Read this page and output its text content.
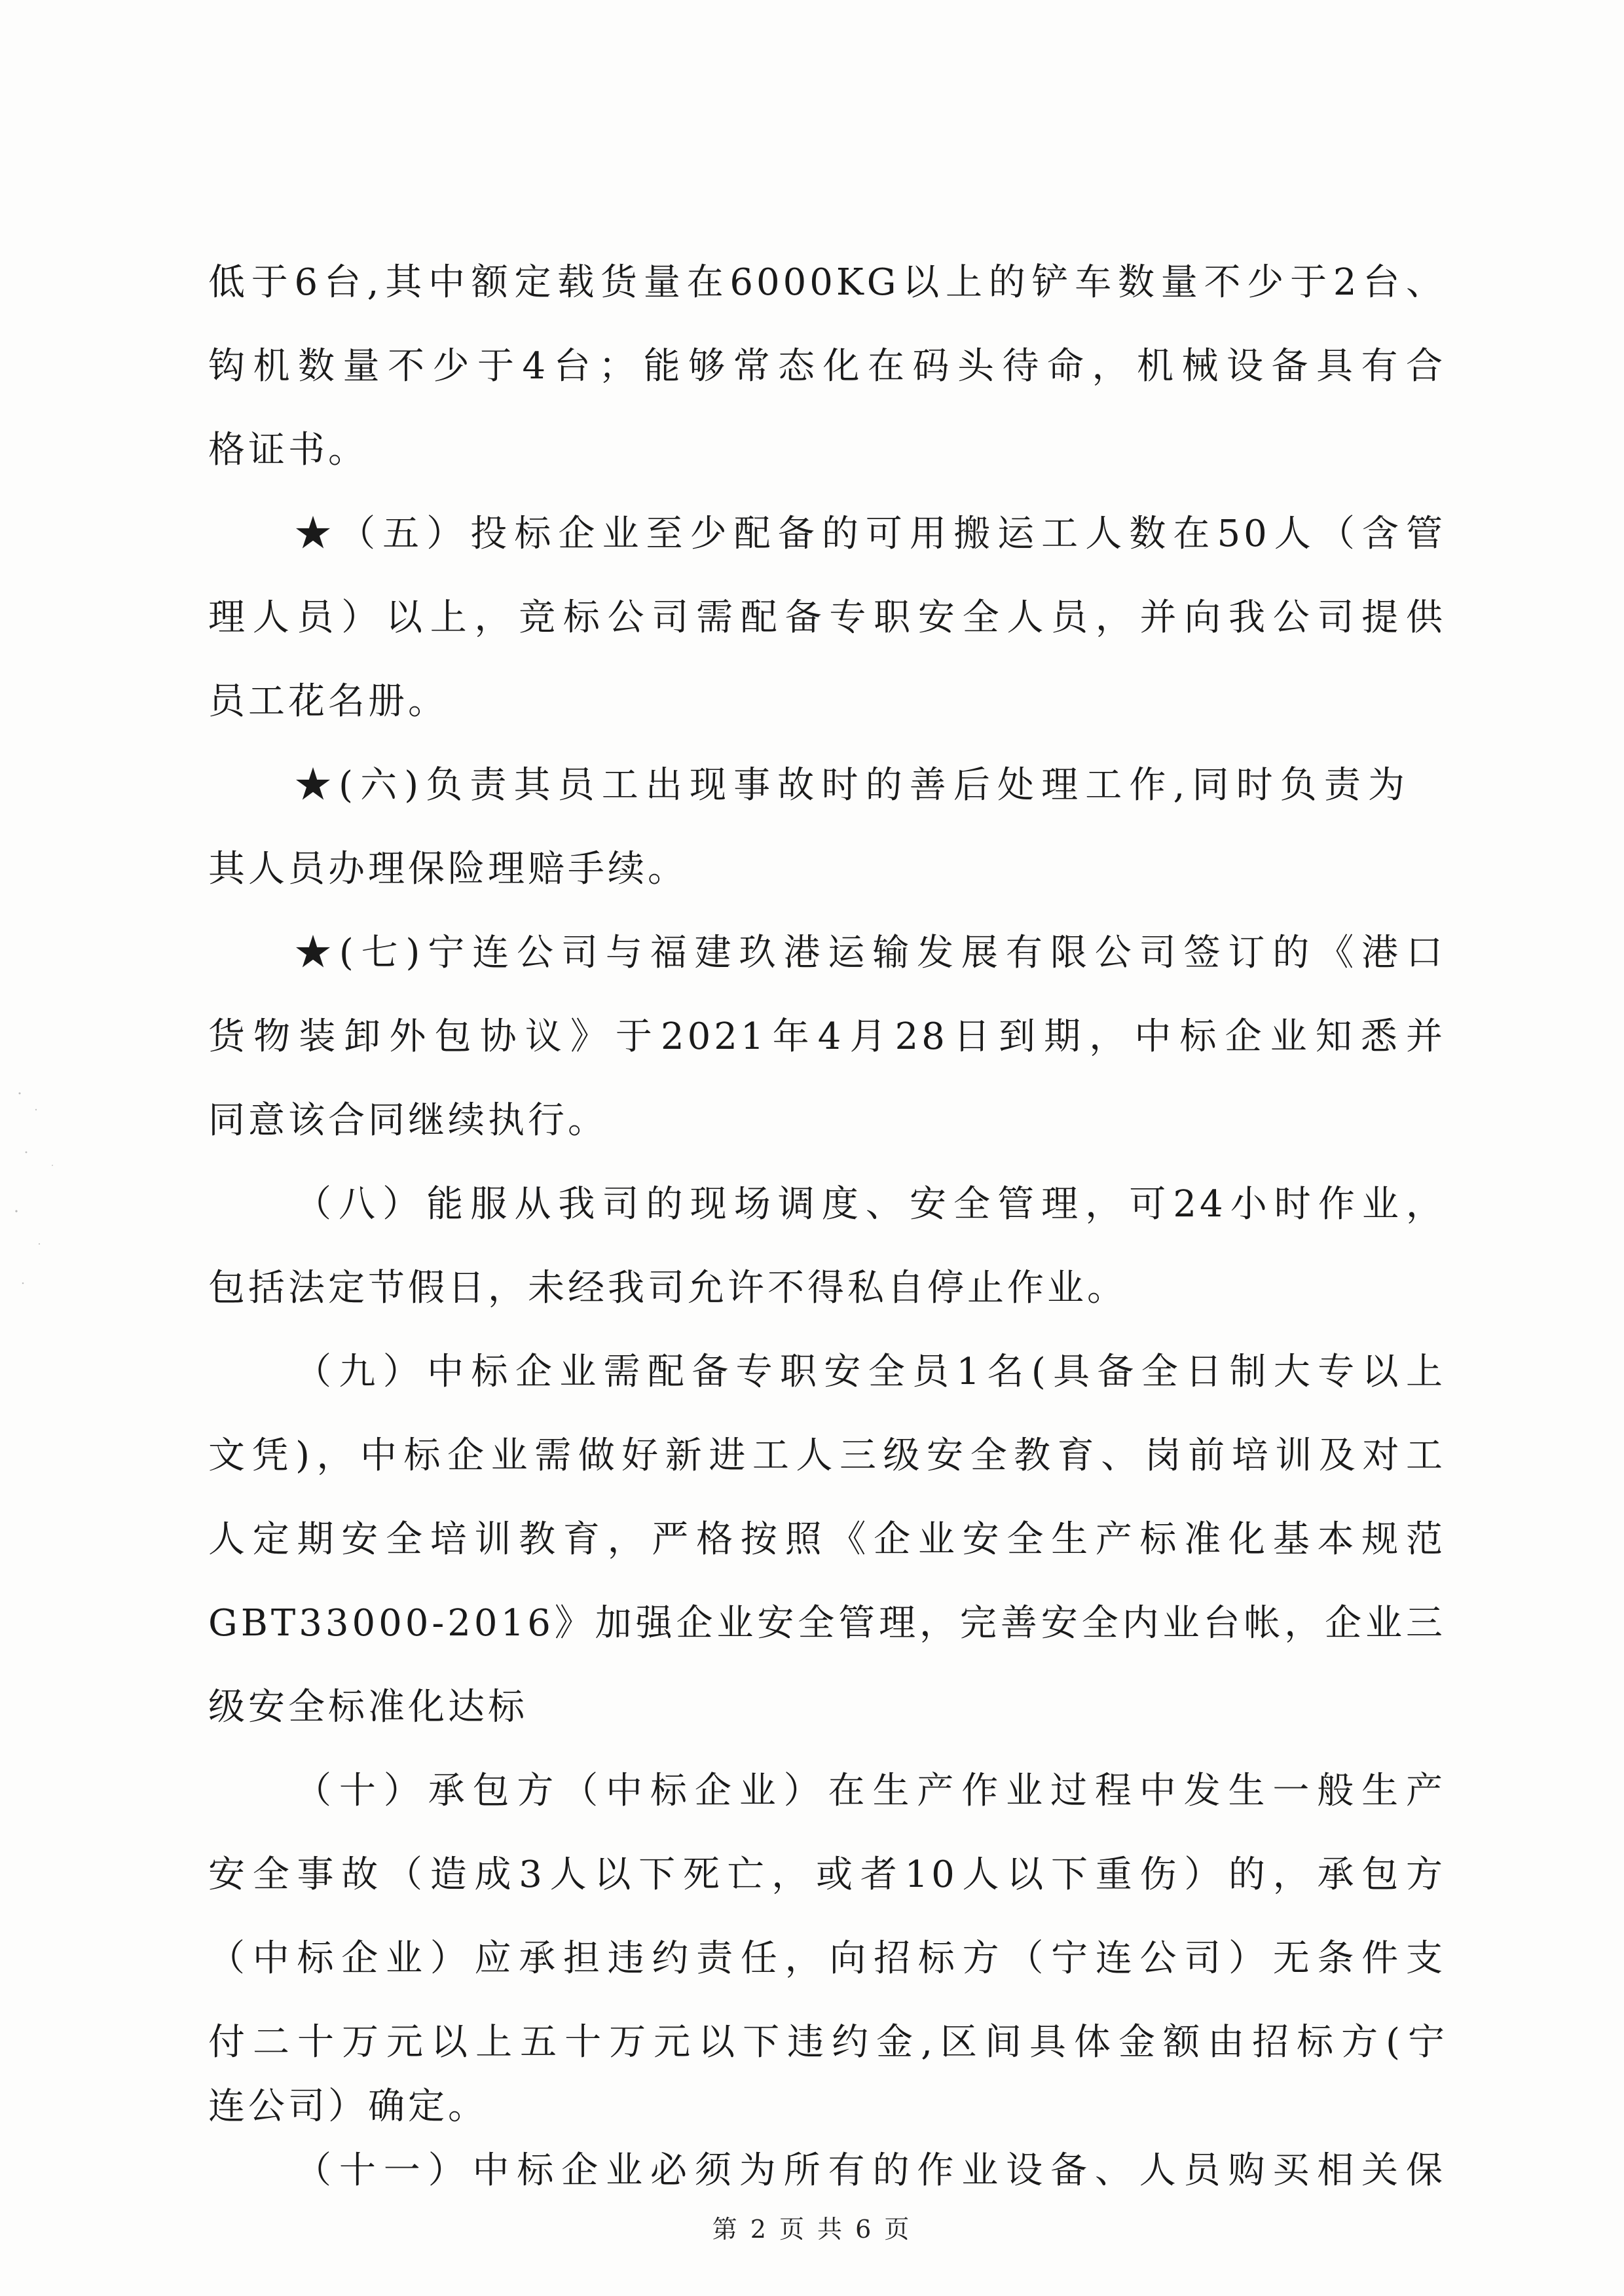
低于6台,其中额定载货量在6000KG以上的铲车数量不少于2台、
钩机数量不少于4台；能够常态化在码头待命，机械设备具有合
格证书。
★（五）投标企业至少配备的可用搬运工人数在50人（含管
理人员）以上，竞标公司需配备专职安全人员，并向我公司提供
员工花名册。
★(六)负责其员工出现事故时的善后处理工作,同时负责为
其人员办理保险理赔手续。
★(七)宁连公司与福建玖港运输发展有限公司签订的《港口
货物装卸外包协议》于2021年4月28日到期，中标企业知悉并
同意该合同继续执行。
（八）能服从我司的现场调度、安全管理，可24小时作业，
包括法定节假日，未经我司允许不得私自停止作业。
（九）中标企业需配备专职安全员1名(具备全日制大专以上
文凭)，中标企业需做好新进工人三级安全教育、岗前培训及对工
人定期安全培训教育，严格按照《企业安全生产标准化基本规范
GBT33000-2016》加强企业安全管理，完善安全内业台帐，企业三
级安全标准化达标
（十）承包方（中标企业）在生产作业过程中发生一般生产
安全事故（造成3人以下死亡，或者10人以下重伤）的，承包方
（中标企业）应承担违约责任，向招标方（宁连公司）无条件支
付二十万元以上五十万元以下违约金,区间具体金额由招标方(宁
连公司）确定。
（十一）中标企业必须为所有的作业设备、人员购买相关保
第 2 页 共 6 页
